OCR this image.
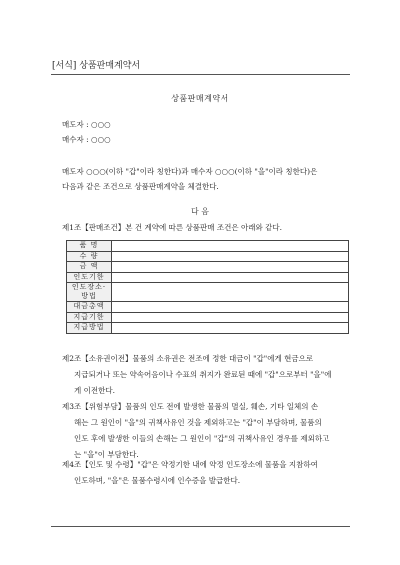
[서식] 상품판매계약서
상품판매계약서
매도자 : ○○○
매수자 : ○○○
매도자 ○○○(이하 "갑"이라 칭한다)과 매수자 ○○○(이하 "을"이라 칭한다)은
다음과 같은 조건으로 상품판매계약을 체결한다.
다 음
제1조【판매조건】본 건 계약에 따른 상품판매 조건은 아래와 같다.
품 명	
수 량	
금 액	
인도기한	
인도장소·방법	
대금총액	
지급기한	
지급방법	
제2조【소유권이전】물품의 소유권은 전조에 정한 대금이 "갑"에게 현금으로
지급되거나 또는 약속어음이나 수표의 취지가 완료된 때에 "갑"으로부터 "을"에
게 이전한다.
제3조【위험부담】물품의 인도 전에 발생한 물품의 멸실, 훼손, 기타 일체의 손
해는 그 원인이 "을"의 귀책사유인 것을 제외하고는 "갑"이 부담하며, 물품의
인도 후에 발생한 이들의 손해는 그 원인이 "갑"의 귀책사유인 경우를 제외하고
는 "을"이 부담한다.
제4조【인도 및 수령】"갑"은 약정기한 내에 약정 인도장소에 물품을 지참하여
인도하며, "을"은 물품수령시에 인수증을 발급한다.
